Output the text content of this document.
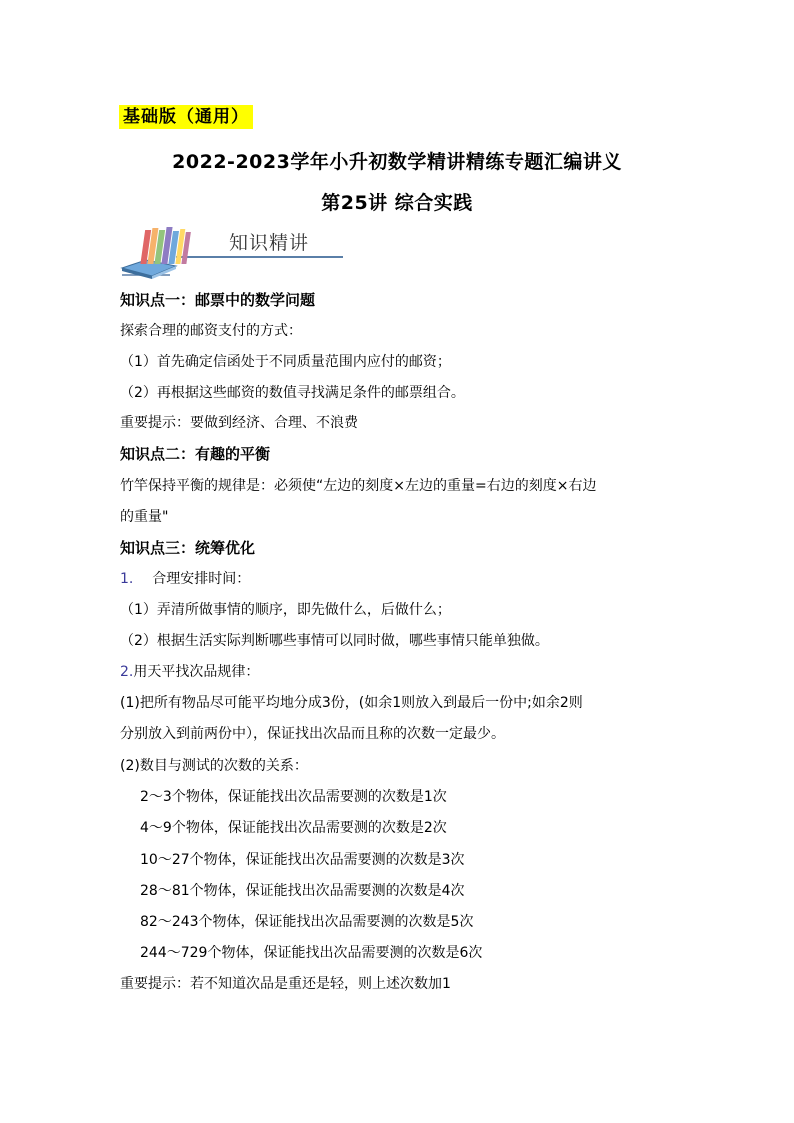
基础版（通用）
2022-2023学年小升初数学精讲精练专题汇编讲义
第25讲 综合实践
知识精讲
知识点一：邮票中的数学问题
探索合理的邮资支付的方式：
（1）首先确定信函处于不同质量范围内应付的邮资；
（2）再根据这些邮资的数值寻找满足条件的邮票组合。
重要提示：要做到经济、合理、不浪费
知识点二：有趣的平衡
竹竿保持平衡的规律是：必须使“左边的刻度×左边的重量=右边的刻度×右边
的重量"
知识点三：统筹优化
1. 合理安排时间：
（1）弄清所做事情的顺序，即先做什么，后做什么；
（2）根据生活实际判断哪些事情可以同时做，哪些事情只能单独做。
2.用天平找次品规律：
(1)把所有物品尽可能平均地分成3份，(如余1则放入到最后一份中;如余2则
分别放入到前两份中），保证找出次品而且称的次数一定最少。
(2)数目与测试的次数的关系：
2～3个物体，保证能找出次品需要测的次数是1次
4～9个物体，保证能找出次品需要测的次数是2次
10～27个物体，保证能找出次品需要测的次数是3次
28～81个物体，保证能找出次品需要测的次数是4次
82～243个物体，保证能找出次品需要测的次数是5次
244～729个物体，保证能找出次品需要测的次数是6次
重要提示：若不知道次品是重还是轻，则上述次数加1
